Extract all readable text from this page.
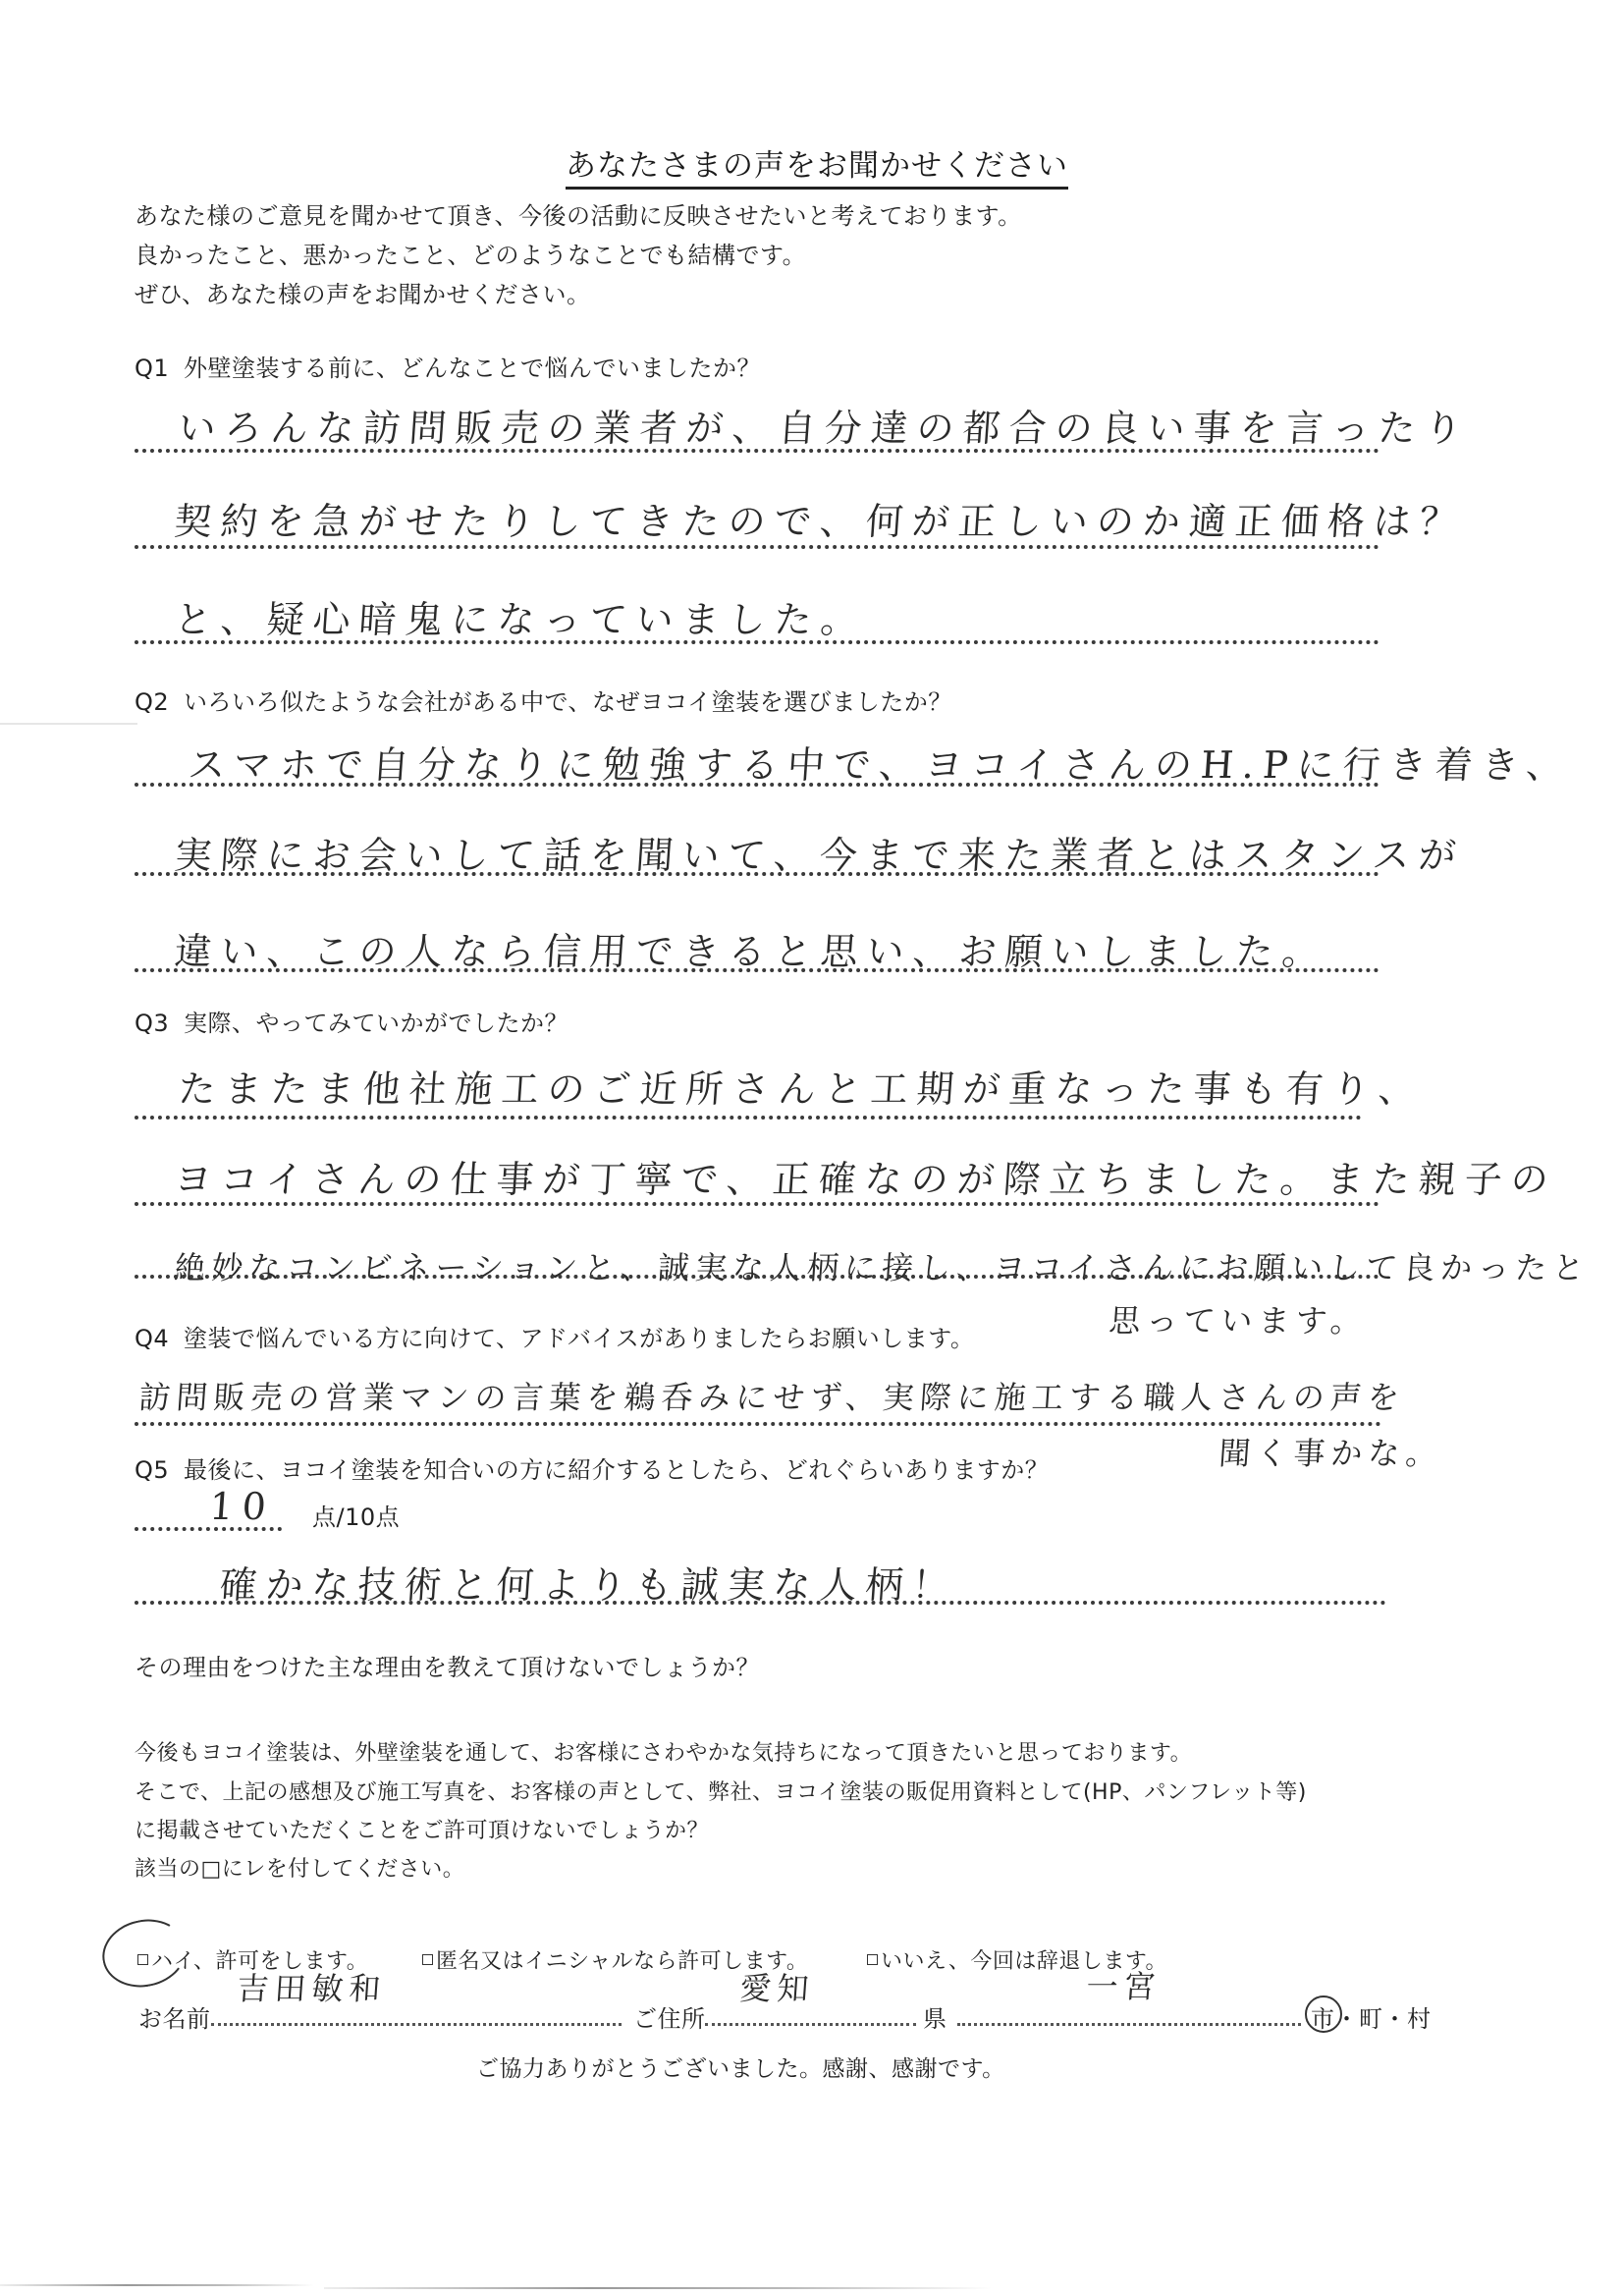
あなたさまの声をお聞かせください
あなた様のご意見を聞かせて頂き、今後の活動に反映させたいと考えております。
良かったこと、悪かったこと、どのようなことでも結構です。
ぜひ、あなた様の声をお聞かせください。
Q1 外壁塗装する前に、どんなことで悩んでいましたか？
いろんな訪問販売の業者が、自分達の都合の良い事を言ったり
契約を急がせたりしてきたので、何が正しいのか適正価格は？
と、疑心暗鬼になっていました。
Q2 いろいろ似たような会社がある中で、なぜヨコイ塗装を選びましたか？
スマホで自分なりに勉強する中で、ヨコイさんのH.Pに行き着き、
実際にお会いして話を聞いて、今まで来た業者とはスタンスが
違い、この人なら信用できると思い、お願いしました。
Q3 実際、やってみていかがでしたか？
たまたま他社施工のご近所さんと工期が重なった事も有り、
ヨコイさんの仕事が丁寧で、正確なのが際立ちました。また親子の
絶妙なコンビネーションと、誠実な人柄に接し、ヨコイさんにお願いして良かったと
Q4 塗装で悩んでいる方に向けて、アドバイスがありましたらお願いします。	思っています。
訪問販売の営業マンの言葉を鵜呑みにせず、実際に施工する職人さんの声を
Q5 最後に、ヨコイ塗装を知合いの方に紹介するとしたら、どれぐらいありますか？	聞く事かな。
10 点/10点
確かな技術と何よりも誠実な人柄！
その理由をつけた主な理由を教えて頂けないでしょうか？
今後もヨコイ塗装は、外壁塗装を通して、お客様にさわやかな気持ちになって頂きたいと思っております。
そこで、上記の感想及び施工写真を、お客様の声として、弊社、ヨコイ塗装の販促用資料として(HP、パンフレット等)
に掲載させていただくことをご許可頂けないでしょうか？
該当の□にレを付してください。
ハイ、許可をします。	匿名又はイニシャルなら許可します。	いいえ、今回は辞退します。
お名前
吉田敏和
ご住所
愛知
県
一宮
市・町・村
ご協力ありがとうございました。感謝、感謝です。
